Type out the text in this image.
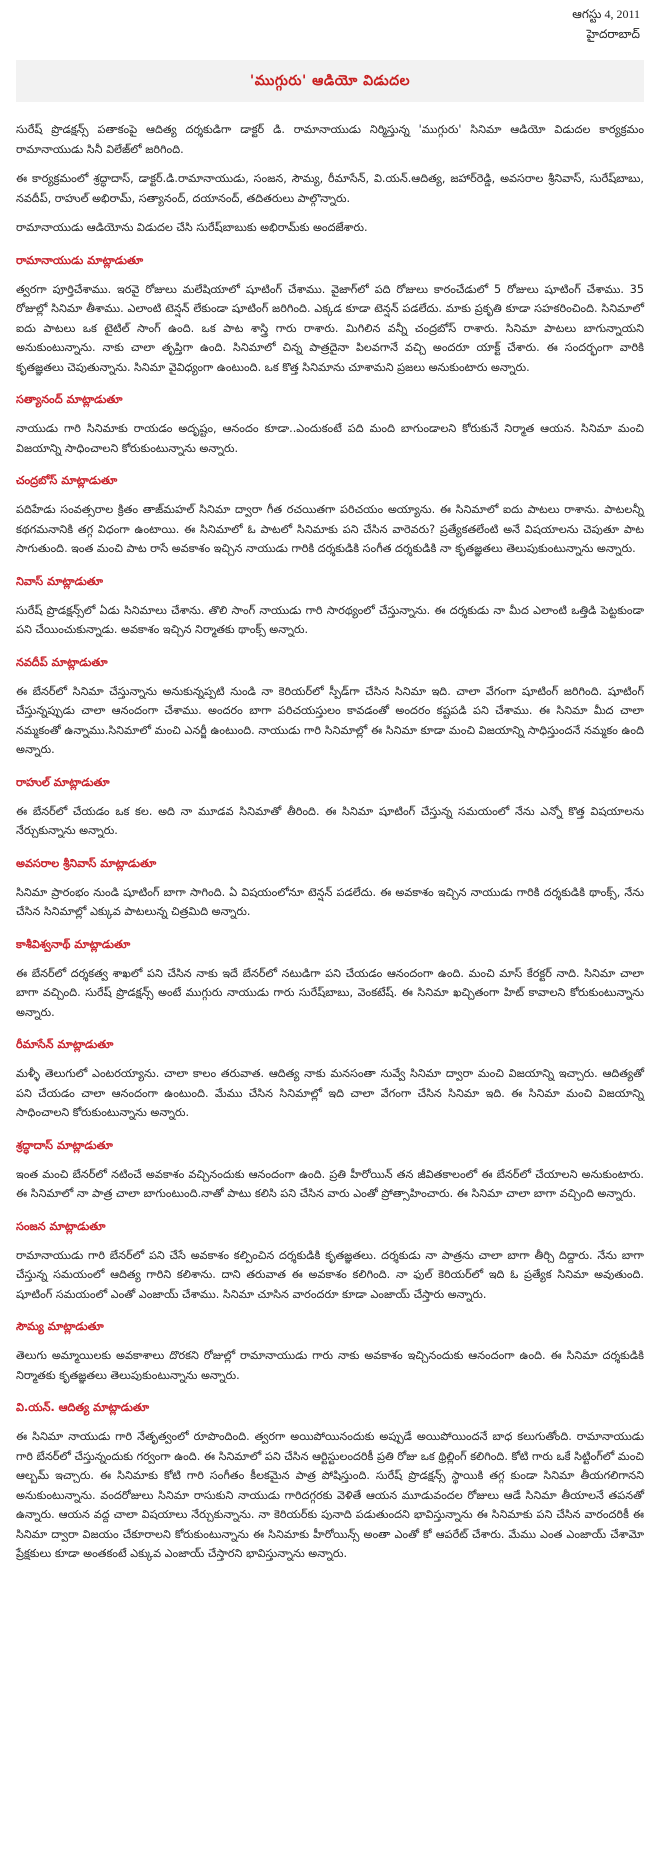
ఆగస్టు 4, 2011
హైదరాబాద్
'ముగ్గురు' ఆడియో విడుదల

సురేష్ ప్రొడక్షన్స్ పతాకంపై ఆదిత్య దర్శకుడిగా డాక్టర్ డి. రామానాయుడు నిర్మిస్తున్న 'ముగ్గురు' సినిమా ఆడియో విడుదల కార్యక్రమం రామానాయుడు సినీ విలేజ్‌లో జరిగింది.

ఈ కార్యక్రమంలో శ్రద్ధాదాస్, డాక్టర్.డి.రామానాయుడు, సంజన, సౌమ్య, రీమాసేన్, వి.యన్.ఆదిత్య, జహార్‌రెడ్డి, అవసరాల శ్రీనివాస్, సురేష్‌బాబు, నవదీప్, రాహుల్ అభిరామ్, సత్యానంద్, దయానంద్, తదితరులు పాల్గొన్నారు.

రామానాయుడు ఆడియోను విడుదల చేసి సురేష్‌బాబుకు అభిరామ్‌కు అందజేశారు.

రామానాయుడు మాట్లాడుతూ

త్వరగా పూర్తిచేశాము. ఇరవై రోజులు మలేషియాలో షూటింగ్ చేశాము. వైజాగ్‌లో పది రోజులు కారంచేడులో 5 రోజులు షూటింగ్ చేశాము. 35 రోజుల్లో సినిమా తీశాము. ఎలాంటి టెన్షన్ లేకుండా షూటింగ్ జరిగింది. ఎక్కడ కూడా టెన్షన్ పడలేదు. మాకు ప్రకృతి కూడా సహకరించింది. సినిమాలో ఐదు పాటలు ఒక టైటిల్ సాంగ్ ఉంది. ఒక పాట శాస్త్రి గారు రాశారు. మిగిలిన వన్నీ చంద్రబోస్ రాశారు. సినిమా పాటలు బాగున్నాయని అనుకుంటున్నాను. నాకు చాలా తృప్తిగా ఉంది. సినిమాలో చిన్న పాత్రదైనా పిలవగానే వచ్చి అందరూ యాక్ట్ చేశారు. ఈ సందర్భంగా వారికి కృతజ్ఞతలు చెపుతున్నాను. సినిమా వైవిధ్యంగా ఉంటుంది. ఒక కొత్త సినిమాను చూశామని ప్రజలు అనుకుంటారు అన్నారు.

సత్యానంద్ మాట్లాడుతూ

నాయుడు గారి సినిమాకు రాయడం అదృష్టం, ఆనందం కూడా..ఎందుకంటే పది మంది బాగుండాలని కోరుకునే నిర్మాత ఆయన. సినిమా మంచి విజయాన్ని సాధించాలని కోరుకుంటున్నాను అన్నారు.

చంద్రబోస్ మాట్లాడుతూ

పదిహేడు సంవత్సరాల క్రితం తాజ్‌మహల్ సినిమా ద్వారా గీత రచయితగా పరిచయం అయ్యాను. ఈ సినిమాలో ఐదు పాటలు రాశాను. పాటలన్నీ కథగమనానికి తగ్గ విధంగా ఉంటాయి. ఈ సినిమాలో ఓ పాటలో సినిమాకు పని చేసిన వారెవరు? ప్రత్యేకతలేంటి అనే విషయాలను చెపుతూ పాట సాగుతుంది. ఇంత మంచి పాట రాసే అవకాశం ఇచ్చిన నాయుడు గారికి దర్శకుడికి సంగీత దర్శకుడికి నా కృతజ్ఞతలు తెలుపుకుంటున్నాను అన్నారు.

నివాస్ మాట్లాడుతూ

సురేష్ ప్రొడక్షన్స్‌లో ఏడు సినిమాలు చేశాను. తొలి సాంగ్ నాయుడు గారి సారథ్యంలో చేస్తున్నాను. ఈ దర్శకుడు నా మీద ఎలాంటి ఒత్తిడి పెట్టకుండా పని చేయించుకున్నాడు. అవకాశం ఇచ్చిన నిర్మాతకు థాంక్స్ అన్నారు.

నవదీప్ మాట్లాడుతూ

ఈ బేనర్‌లో సినిమా చేస్తున్నాను అనుకున్నప్పటి నుండి నా కెరియర్‌లో స్పీడ్‌గా చేసిన సినిమా ఇది. చాలా వేగంగా షూటింగ్ జరిగింది. షూటింగ్ చేస్తున్నప్పుడు చాలా ఆనందంగా చేశాము. అందరం బాగా పరిచయస్తులం కావడంతో అందరం కష్టపడి పని చేశాము. ఈ సినిమా మీద చాలా నమ్మకంతో ఉన్నాము.సినిమాలో మంచి ఎనర్జీ ఉంటుంది. నాయుడు గారి సినిమాల్లో ఈ సినిమా కూడా మంచి విజయాన్ని సాధిస్తుందనే నమ్మకం ఉంది అన్నారు.

రాహుల్ మాట్లాడుతూ

ఈ బేనర్‌లో చేయడం ఒక కల. అది నా మూడవ సినిమాతో తీరింది. ఈ సినిమా షూటింగ్ చేస్తున్న సమయంలో నేను ఎన్నో కొత్త విషయాలను నేర్చుకున్నాను అన్నారు.

అవసరాల శ్రీనివాస్ మాట్లాడుతూ

సినిమా ప్రారంభం నుండి షూటింగ్ బాగా సాగింది. ఏ విషయంలోనూ టెన్షన్ పడలేదు. ఈ అవకాశం ఇచ్చిన నాయుడు గారికి దర్శకుడికి థాంక్స్, నేను చేసిన సినిమాల్లో ఎక్కువ పాటలున్న చిత్రమిది అన్నారు.

కాశీవిశ్వనాథ్ మాట్లాడుతూ

ఈ బేనర్‌లో దర్శకత్వ శాఖలో పని చేసిన నాకు ఇదే బేనర్‌లో నటుడిగా పని చేయడం ఆనందంగా ఉంది. మంచి మాస్ కేరక్టర్ నాది. సినిమా చాలా బాగా వచ్చింది. సురేష్ ప్రొడక్షన్స్ అంటే ముగ్గురు నాయుడు గారు సురేష్‌బాబు, వెంకటేష్. ఈ సినిమా ఖచ్చితంగా హిట్ కావాలని కోరుకుంటున్నాను అన్నారు.

రీమాసేన్ మాట్లాడుతూ

మళ్ళీ తెలుగులో ఎంటరయ్యాను. చాలా కాలం తరువాత. ఆదిత్య నాకు మనసంతా నువ్వే సినిమా ద్వారా మంచి విజయాన్ని ఇచ్చారు. ఆదిత్యతో పని చేయడం చాలా ఆనందంగా ఉంటుంది. మేము చేసిన సినిమాల్లో ఇది చాలా వేగంగా చేసిన సినిమా ఇది. ఈ సినిమా మంచి విజయాన్ని సాధించాలని కోరుకుంటున్నాను అన్నారు.

శ్రద్ధాదాస్ మాట్లాడుతూ

ఇంత మంచి బేనర్‌లో నటించే అవకాశం వచ్చినందుకు ఆనందంగా ఉంది. ప్రతి హీరోయిన్ తన జీవితకాలంలో ఈ బేనర్‌లో చేయాలని అనుకుంటారు. ఈ సినిమాలో నా పాత్ర చాలా బాగుంటుంది.నాతో పాటు కలిసి పని చేసిన వారు ఎంతో ప్రోత్సాహించారు. ఈ సినిమా చాలా బాగా వచ్చింది అన్నారు.

సంజన మాట్లాడుతూ

రామానాయుడు గారి బేనర్‌లో పని చేసే అవకాశం కల్పించిన దర్శకుడికి కృతజ్ఞతలు. దర్శకుడు నా పాత్రను చాలా బాగా తీర్చి దిద్దారు. నేను బాగా చేస్తున్న సమయంలో ఆదిత్య గారిని కలిశాను. దాని తరువాత ఈ అవకాశం కలిగింది. నా ఫుల్ కెరియర్‌లో ఇది ఓ ప్రత్యేక సినిమా అవుతుంది. షూటింగ్ సమయంలో ఎంతో ఎంజాయ్ చేశాము. సినిమా చూసిన వారందరూ కూడా ఎంజాయ్ చేస్తారు అన్నారు.

సౌమ్య మాట్లాడుతూ

తెలుగు అమ్మాయిలకు అవకాశాలు దొరకని రోజుల్లో రామానాయుడు గారు నాకు అవకాశం ఇచ్చినందుకు ఆనందంగా ఉంది. ఈ సినిమా దర్శకుడికి నిర్మాతకు కృతజ్ఞతలు తెలుపుకుంటున్నాను అన్నారు.

వి.యన్. ఆదిత్య మాట్లాడుతూ

ఈ సినిమా నాయుడు గారి నేతృత్వంలో రూపొందింది. త్వరగా అయిపోయినందుకు అప్పుడే అయిపోయిందనే బాధ కలుగుతోంది. రామానాయుడు గారి బేనర్‌లో చేస్తున్నందుకు గర్వంగా ఉంది. ఈ సినిమాలో పని చేసిన ఆర్టిస్టులందరికీ ప్రతి రోజు ఒక థ్రిల్లింగ్ కలిగింది. కోటి గారు ఒకే సిట్టింగ్‌లో మంచి ఆల్బమ్ ఇచ్చారు. ఈ సినిమాకు కోటి గారి సంగీతం కీలకమైన పాత్ర పోషిస్తుంది. సురేష్ ప్రొడక్షన్స్ స్థాయికి తగ్గ కుండా సినిమా తీయగలిగానని అనుకుంటున్నాను. వందరోజులు సినిమా రాసుకుని నాయుడు గారిదగ్గరకు వెళితే ఆయన మూడువందల రోజులు ఆడే సినిమా తీయాలనే తపనతో ఉన్నారు. ఆయన వద్ద చాలా విషయాలు నేర్చుకున్నాను. నా కెరియర్‌కు పునాది పడుతుందని భావిస్తున్నాను ఈ సినిమాకు పని చేసిన వారందరికీ ఈ సినిమా ద్వారా విజయం చేకూరాలని కోరుకుంటున్నాను ఈ సినిమాకు హీరోయిన్స్ అంతా ఎంతో కో ఆపరేట్ చేశారు. మేము ఎంత ఎంజాయ్ చేశామో ప్రేక్షకులు కూడా అంతకంటే ఎక్కువ ఎంజాయ్ చేస్తారని భావిస్తున్నాను అన్నారు.
